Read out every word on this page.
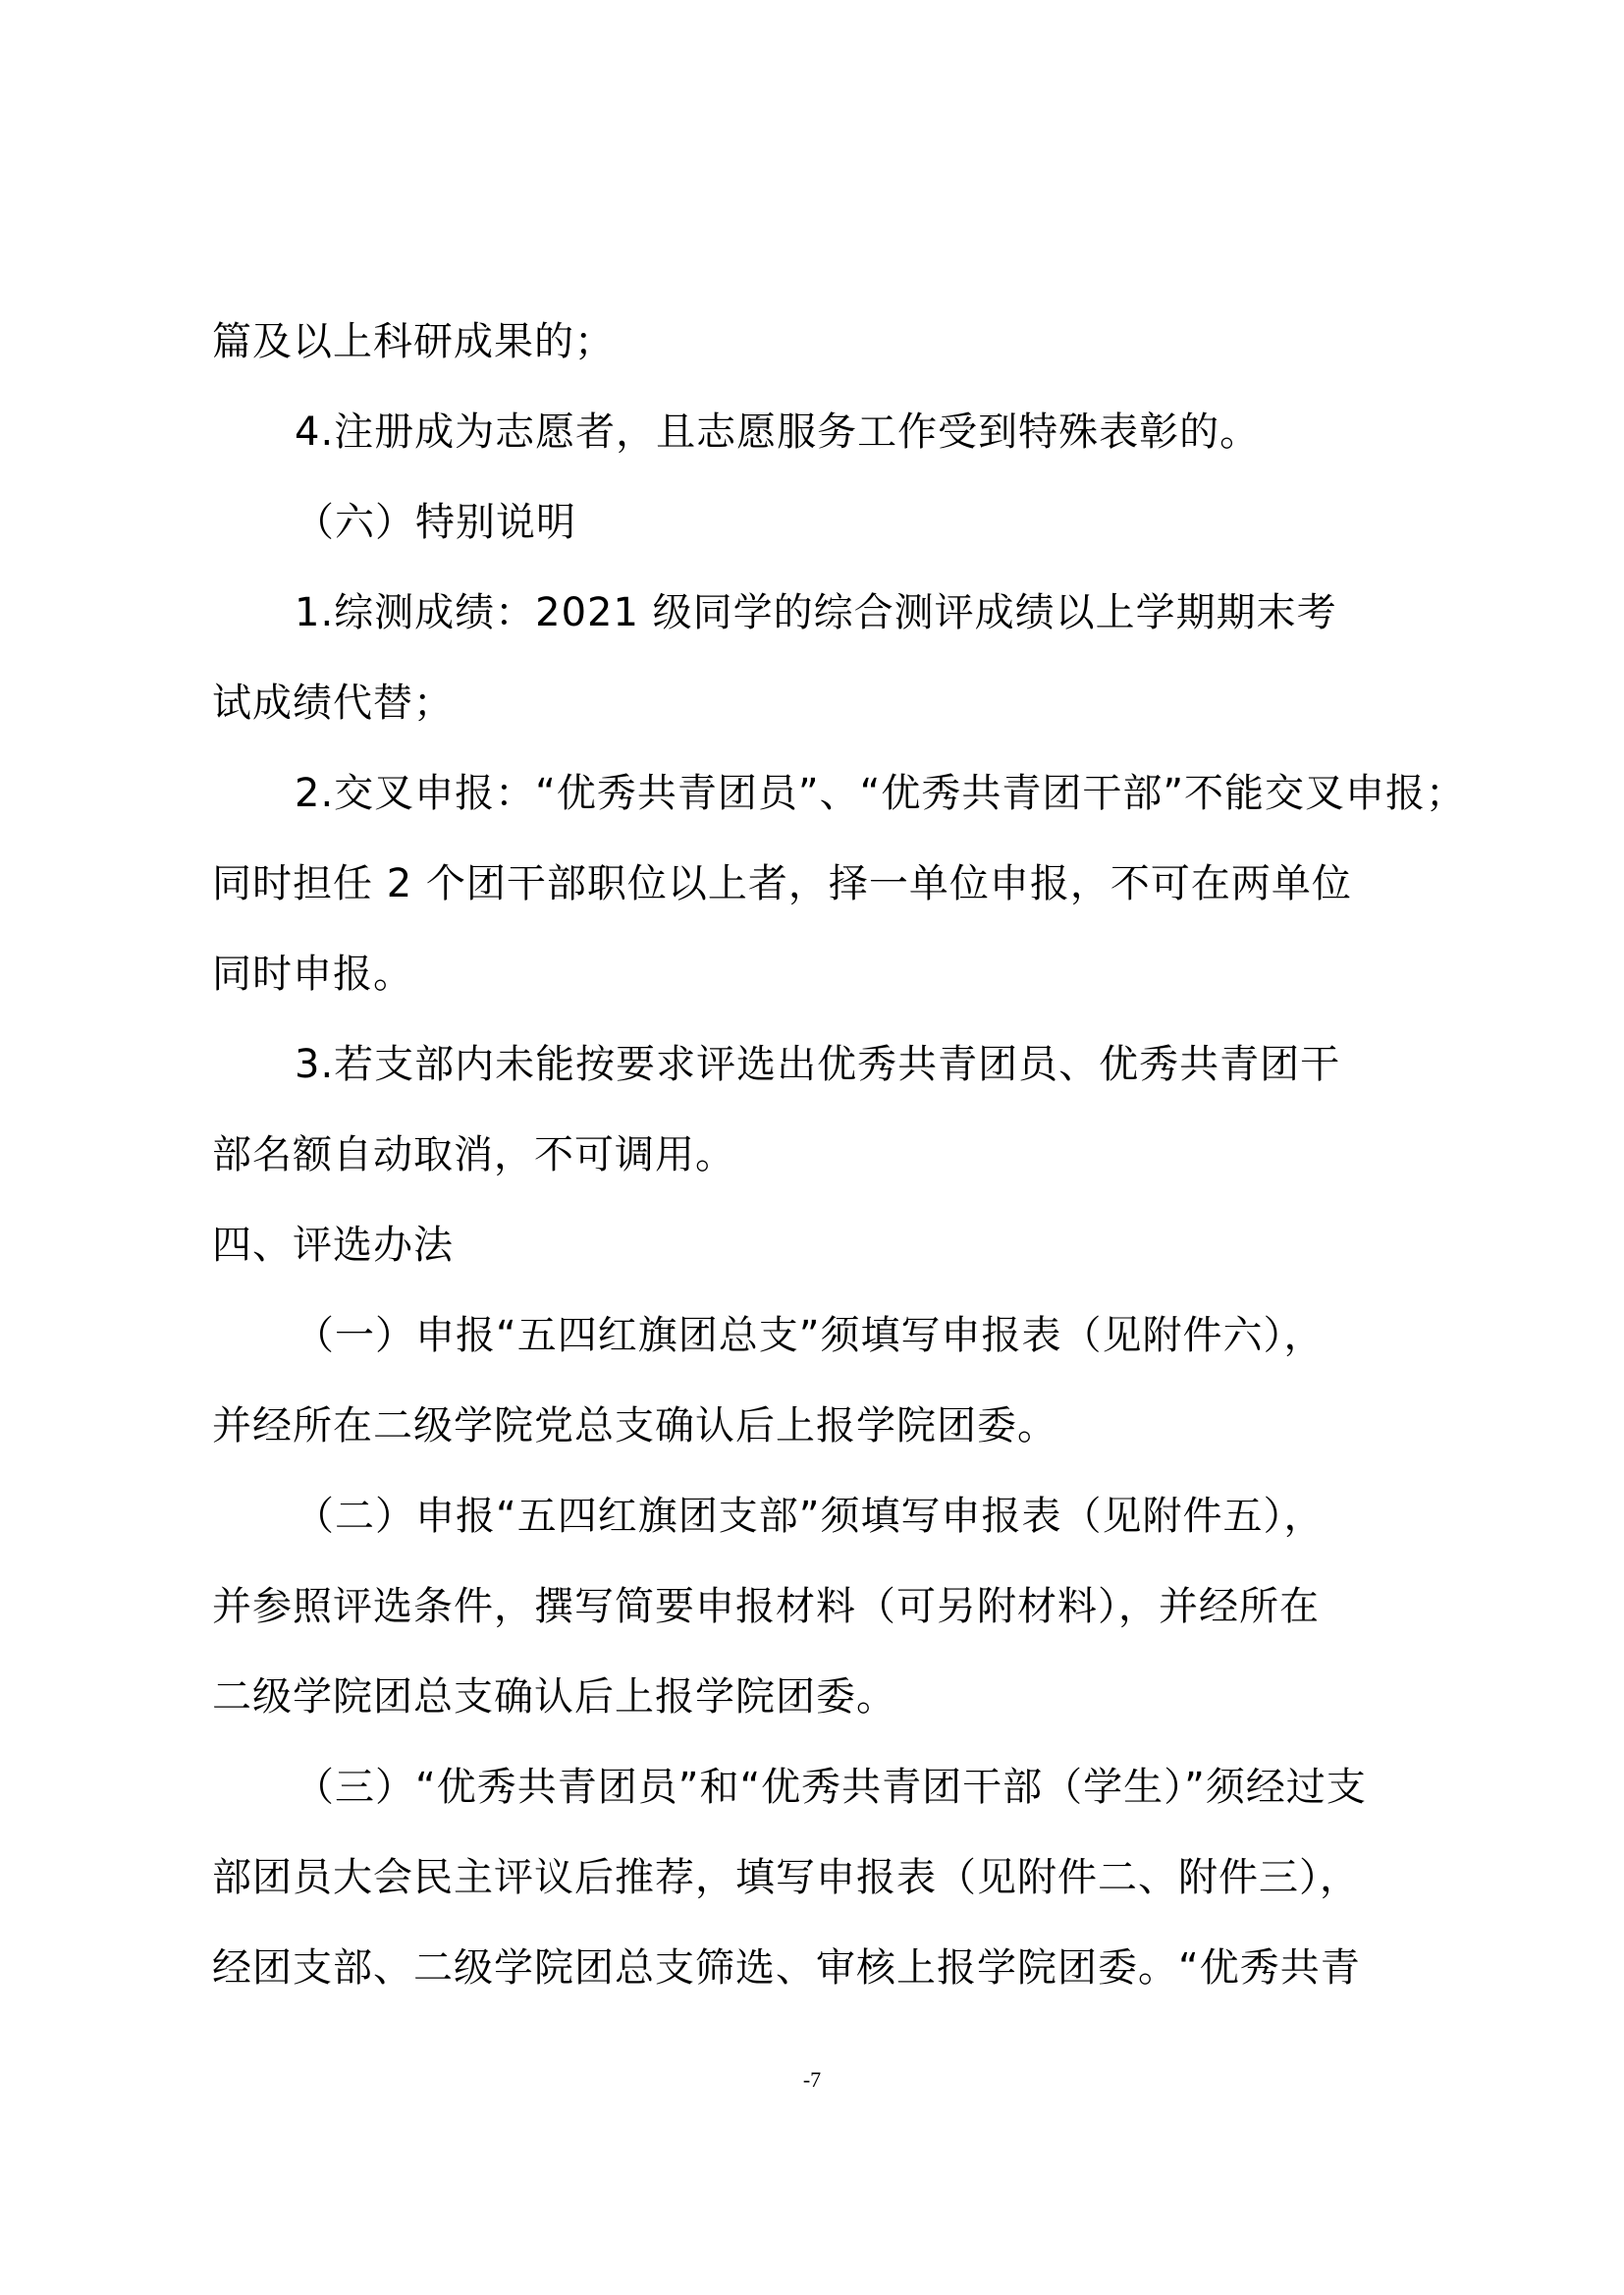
篇及以上科研成果的；
4.注册成为志愿者，且志愿服务工作受到特殊表彰的。
（六）特别说明
1.综测成绩：2021 级同学的综合测评成绩以上学期期末考
试成绩代替；
2.交叉申报：“优秀共青团员”、“优秀共青团干部”不能交叉申报；
同时担任 2 个团干部职位以上者，择一单位申报，不可在两单位
同时申报。
3.若支部内未能按要求评选出优秀共青团员、优秀共青团干
部名额自动取消，不可调用。
四、评选办法
（一）申报“五四红旗团总支”须填写申报表（见附件六），
并经所在二级学院党总支确认后上报学院团委。
（二）申报“五四红旗团支部”须填写申报表（见附件五），
并参照评选条件，撰写简要申报材料（可另附材料），并经所在
二级学院团总支确认后上报学院团委。
（三）“优秀共青团员”和“优秀共青团干部（学生）”须经过支
部团员大会民主评议后推荐，填写申报表（见附件二、附件三），
经团支部、二级学院团总支筛选、审核上报学院团委。“优秀共青
-7
